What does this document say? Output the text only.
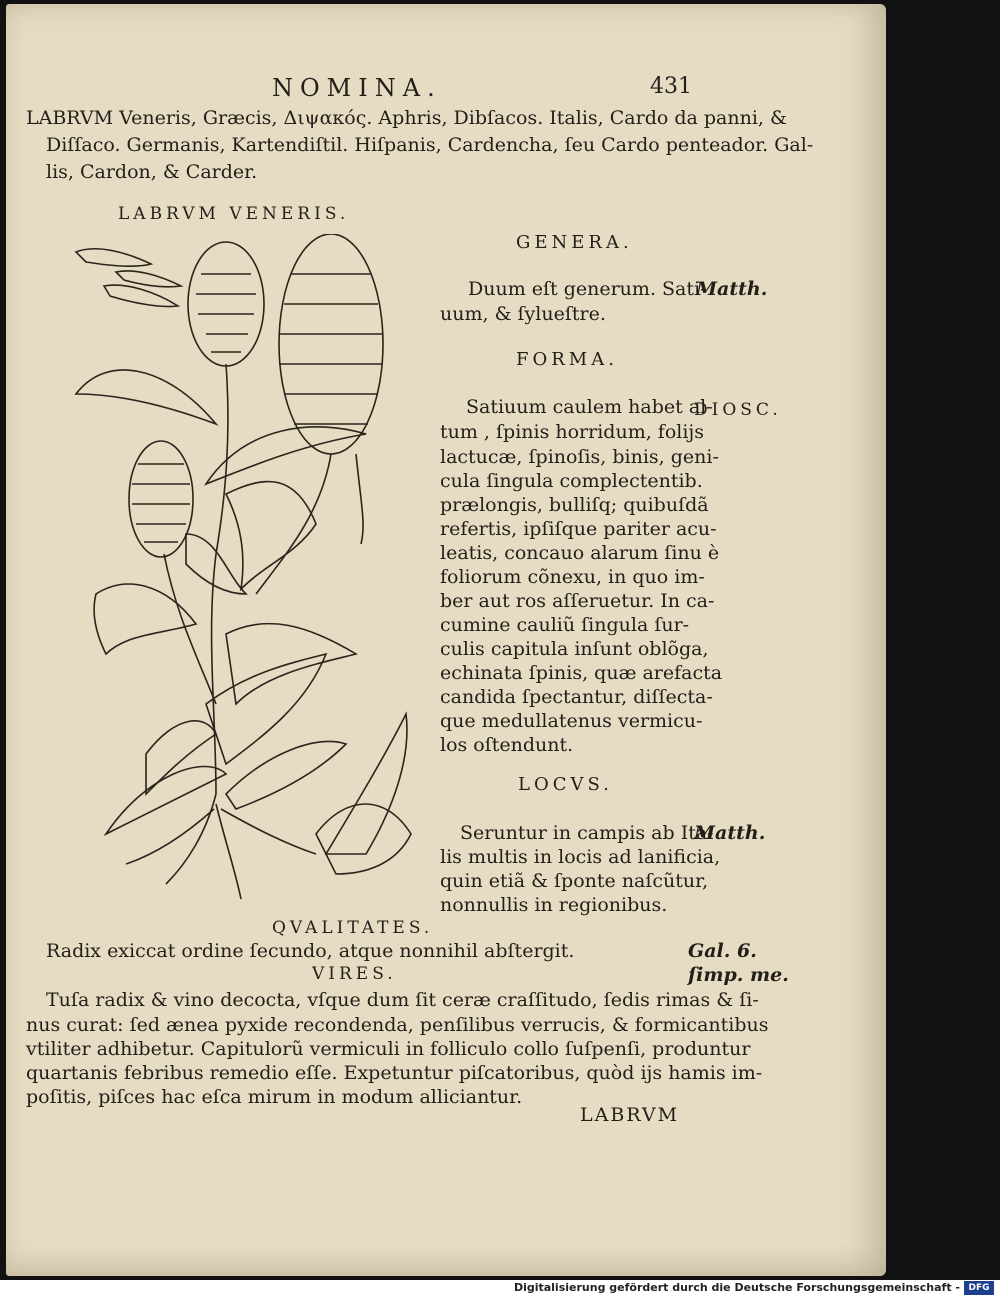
NOMINA.	431
LABRVM Veneris, Græcis, Διψακός. Aphris, Dibſacos. Italis, Cardo da panni, &
Diſſaco. Germanis, Kartendiſtil. Hiſpanis, Cardencha, ſeu Cardo penteador. Gal-
lis, Cardon, & Carder.
LABRVM VENERIS.
GENERA.
Duum eſt generum. Sati-
uum, & ſylueſtre.
Matth.
FORMA.
DIOSC.
Satiuum caulem habet al-
tum , ſpinis horridum, folijs
lactucæ, ſpinoſis, binis, geni-
cula ſingula complectentib.
prælongis, bulliſq; quibuſdã
refertis, ipſiſque pariter acu-
leatis, concauo alarum ſinu è
foliorum cõnexu, in quo im-
ber aut ros aſſeruetur. In ca-
cumine cauliũ ſingula ſur-
culis capitula inſunt oblõga,
echinata ſpinis, quæ arefacta
candida ſpectantur, diſſecta-
que medullatenus vermicu-
los oſtendunt.
LOCVS.
Seruntur in campis ab Ita-
lis multis in locis ad lanificia,
quin etiã & ſponte naſcũtur,
nonnullis in regionibus.
Matth.
QVALITATES.
Radix exiccat ordine ſecundo, atque nonnihil abſtergit.	Gal. 6.
VIRES.	ſimp. me.
Tuſa radix & vino decocta, vſque dum ſit ceræ craſſitudo, ſedis rimas & ſi-
nus curat: ſed ænea pyxide recondenda, penſilibus verrucis, & formicantibus
vtiliter adhibetur. Capitulorũ vermiculi in folliculo collo ſuſpenſi, produntur
quartanis febribus remedio eſſe. Expetuntur piſcatoribus, quòd ijs hamis im-
poſitis, piſces hac eſca mirum in modum alliciantur.
LABRVM
Digitalisierung gefördert durch die Deutsche Forschungsgemeinschaft - DFG
